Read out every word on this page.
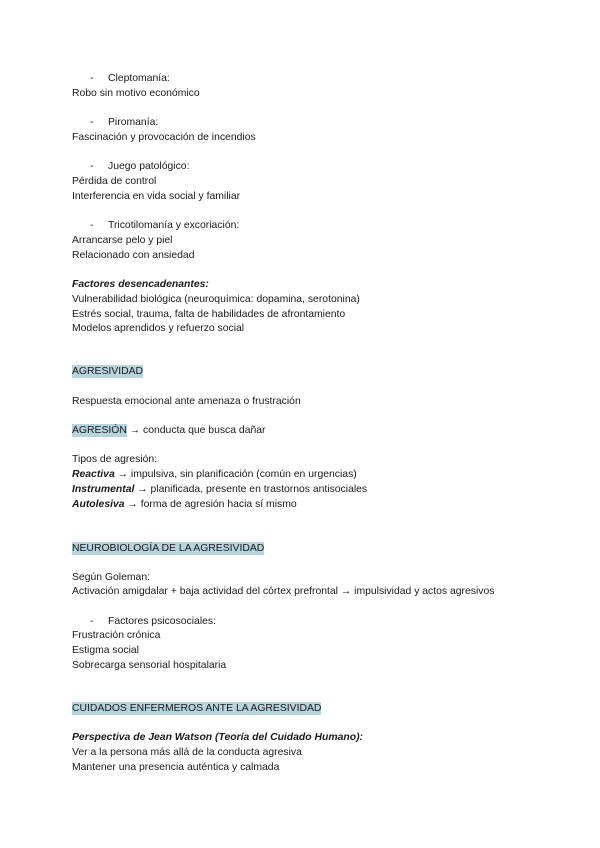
- Cleptomanía:
Robo sin motivo económico
- Piromanía:
Fascinación y provocación de incendios
- Juego patológico:
Pérdida de control
Interferencia en vida social y familiar
- Tricotilomanía y excoriación:
Arrancarse pelo y piel
Relacionado con ansiedad
Factores desencadenantes:
Vulnerabilidad biológica (neuroquímica: dopamina, serotonina)
Estrés social, trauma, falta de habilidades de afrontamiento
Modelos aprendidos y refuerzo social
AGRESIVIDAD
Respuesta emocional ante amenaza o frustración
AGRESIÓN → conducta que busca dañar
Tipos de agresión:
Reactiva → impulsiva, sin planificación (común en urgencias)
Instrumental → planificada, presente en trastornos antisociales
Autolesiva → forma de agresión hacia sí mismo
NEUROBIOLOGÍA DE LA AGRESIVIDAD
Según Goleman:
Activación amigdalar + baja actividad del córtex prefrontal → impulsividad y actos agresivos
- Factores psicosociales:
Frustración crónica
Estigma social
Sobrecarga sensorial hospitalaria
CUIDADOS ENFERMEROS ANTE LA AGRESIVIDAD
Perspectiva de Jean Watson (Teoría del Cuidado Humano):
Ver a la persona más allá de la conducta agresiva
Mantener una presencia auténtica y calmada
